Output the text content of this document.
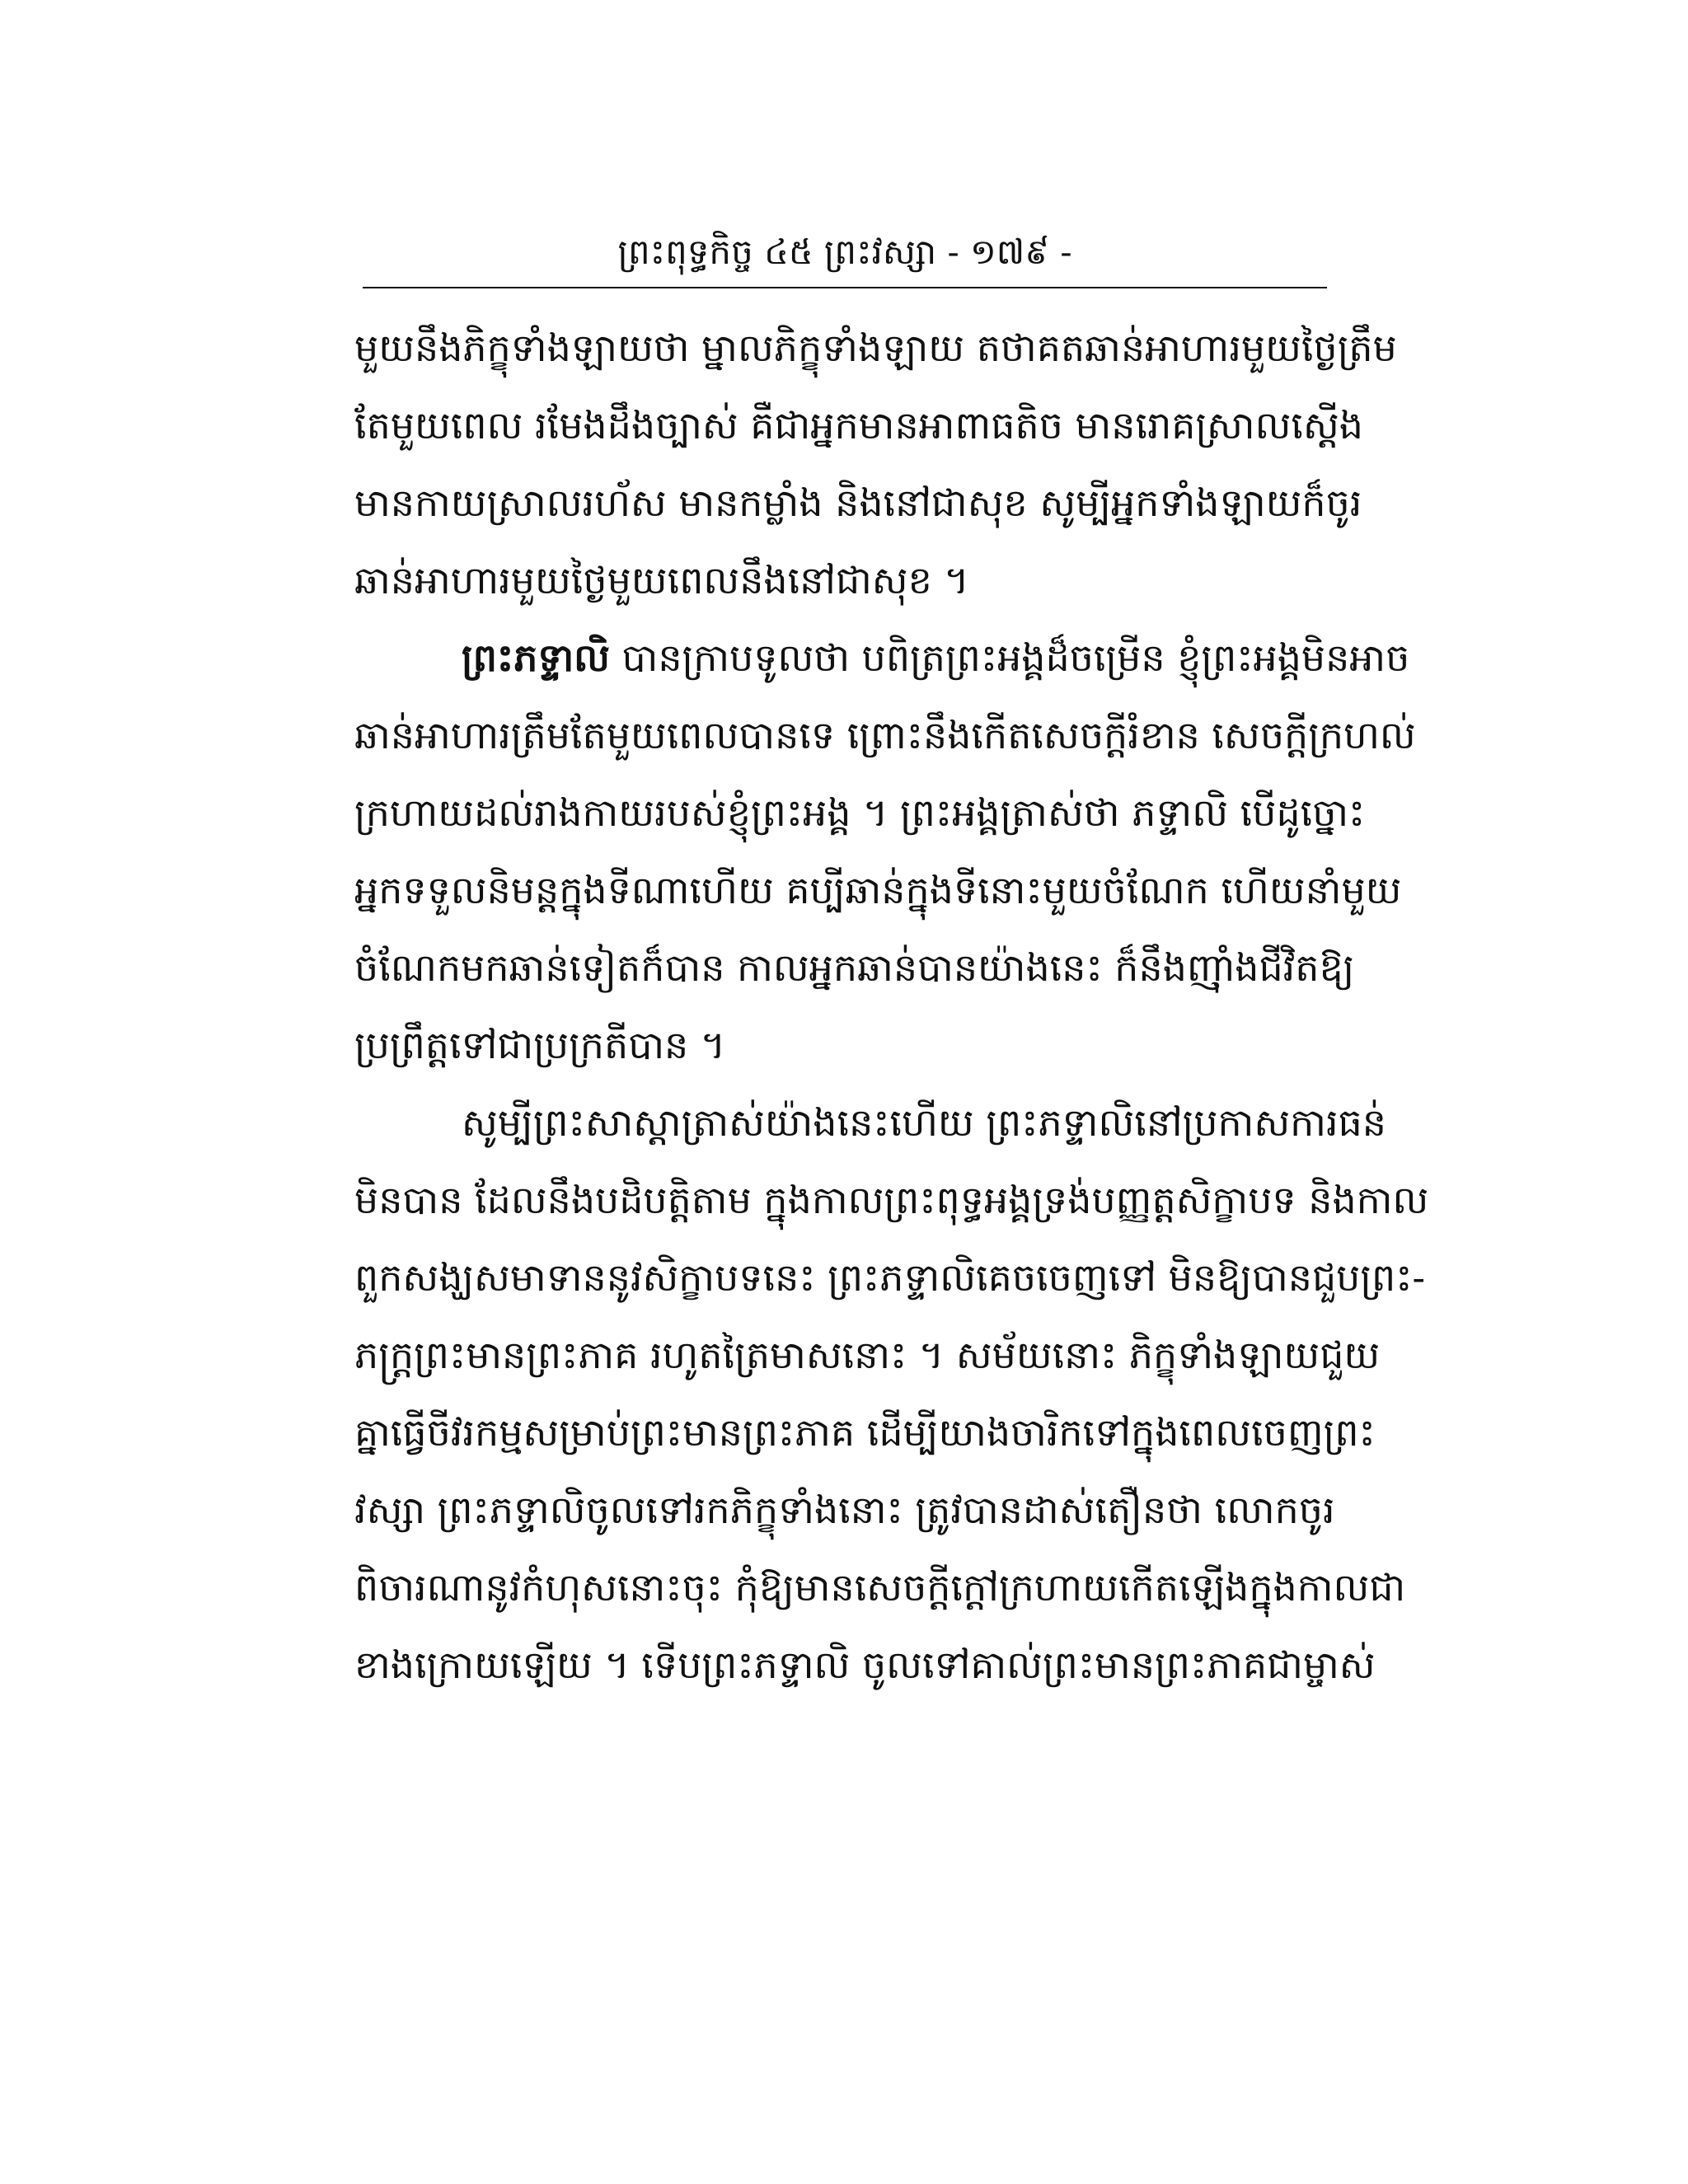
ព្រះពុទ្ធកិច្ច ៤៥ ព្រះវស្សា - ១៧៩ -
មួយនឹងភិក្ខុទាំងឡាយថា ម្នាលភិក្ខុទាំងឡាយ តថាគតឆាន់អាហារមួយថ្ងៃត្រឹម
តែមួយពេល រមែងដឹងច្បាស់ គឺជាអ្នកមានអាពាធតិច មានរោគស្រាលស្តើង
មានកាយស្រាលរហ័ស មានកម្លាំង និងនៅជាសុខ សូម្បីអ្នកទាំងឡាយក៏ចូរ
ឆាន់អាហារមួយថ្ងៃមួយពេលនឹងនៅជាសុខ ។
ព្រះភទ្ទាលិ បានក្រាបទូលថា បពិត្រព្រះអង្គដ៏ចម្រើន ខ្ញុំព្រះអង្គមិនអាច
ឆាន់អាហារត្រឹមតែមួយពេលបានទេ ព្រោះនឹងកើតសេចក្តីរំខាន សេចក្តីក្រហល់
ក្រហាយដល់រាងកាយរបស់ខ្ញុំព្រះអង្គ ។ ព្រះអង្គត្រាស់ថា ភទ្ទាលិ បើដូច្នោះ
អ្នកទទួលនិមន្តក្នុងទីណាហើយ គប្បីឆាន់ក្នុងទីនោះមួយចំណែក ហើយនាំមួយ
ចំណែកមកឆាន់ទៀតក៏បាន កាលអ្នកឆាន់បានយ៉ាងនេះ ក៏នឹងញ៉ាំងជីវិតឱ្យ
ប្រព្រឹត្តទៅជាប្រក្រតីបាន ។
សូម្បីព្រះសាស្តាត្រាស់យ៉ាងនេះហើយ ព្រះភទ្ទាលិនៅប្រកាសការធន់
មិនបាន ដែលនឹងបដិបត្តិតាម ក្នុងកាលព្រះពុទ្ធអង្គទ្រង់បញ្ញត្តសិក្ខាបទ និងកាល
ពួកសង្ឃសមាទាននូវសិក្ខាបទនេះ ព្រះភទ្ទាលិគេចចេញទៅ មិនឱ្យបានជួបព្រះ-
ភក្រ្តព្រះមានព្រះភាគ រហូតត្រៃមាសនោះ ។ សម័យនោះ ភិក្ខុទាំងឡាយជួយ
គ្នាធ្វើចីវរកម្មសម្រាប់ព្រះមានព្រះភាគ ដើម្បីយាងចារិកទៅក្នុងពេលចេញព្រះ
វស្សា ព្រះភទ្ទាលិចូលទៅរកភិក្ខុទាំងនោះ ត្រូវបានដាស់តឿនថា លោកចូរ
ពិចារណានូវកំហុសនោះចុះ កុំឱ្យមានសេចក្តីក្តៅក្រហាយកើតឡើងក្នុងកាលជា
ខាងក្រោយឡើយ ។ ទើបព្រះភទ្ទាលិ ចូលទៅគាល់ព្រះមានព្រះភាគជាម្ចាស់
